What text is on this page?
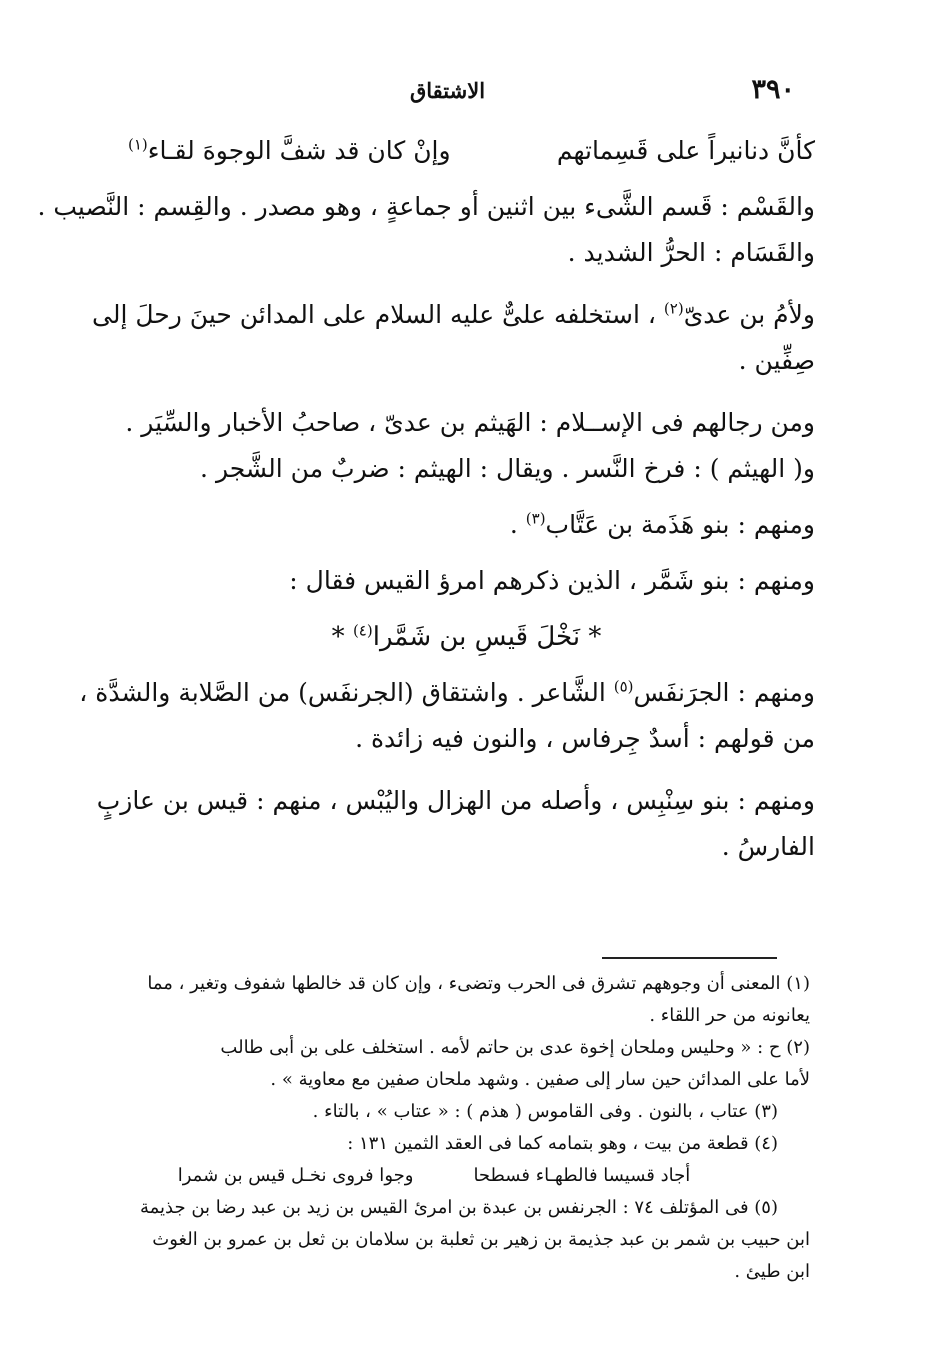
٣٩٠
الاشتقاق
كأنَّ دنانيراً على قَسِماتهم
وإنْ كان قد شفَّ الوجوهَ لقـاء$^{(١)}$
والقَسْم : قَسم الشَّىء بين اثنين أو جماعةٍ ، وهو مصدر . والقِسم : النَّصيب .
والقَسَام : الحرُّ الشديد .
ولأمُ بن عدىّ$^{(٢)}$ ، استخلفه علىٌّ عليه السلام على المدائن حينَ رحلَ إلى
صِفِّين .
ومن رجالهم فى الإســلام : الهَيثم بن عدىّ ، صاحبُ الأخبار والسِّيَر .
و( الهيثم ) : فرخ النَّسر . ويقال : الهيثم : ضربٌ من الشَّجر .
ومنهم : بنو هَذَمة بن عَتَّاب$^{(٣)}$ .
ومنهم : بنو شَمَّر ، الذين ذكرهم امرؤ القيس فقال :
* نَخْلَ قَيسِ بن شَمَّرا$^{(٤)}$ *
ومنهم : الجرَنفَس$^{(٥)}$ الشَّاعر . واشتقاق (الجرنفَس) من الصَّلابة والشدَّة ،
من قولهم : أسدٌ جِرفاس ، والنون فيه زائدة .
ومنهم : بنو سِنْبِس ، وأصله من الهزال واليُبْس ، منهم : قيس بن عازبٍ
الفارسُ .
(١) المعنى أن وجوههم تشرق فى الحرب وتضىء ، وإن كان قد خالطها شفوف وتغير ، مما
يعانونه من حر اللقاء .
(٢) ح : « وحليس وملحان إخوة عدى بن حاتم لأمه . استخلف على بن أبى طالب
لأما على المدائن حين سار إلى صفين . وشهد ملحان صفين مع معاوية » .
(٣) عتاب ، بالنون . وفى القاموس ( هذم ) : « عتاب » ، بالتاء .
(٤) قطعة من بيت ، وهو بتمامه كما فى العقد الثمين ١٣١ :
أجاد قسيسا فالطهـاء فسطحا
وجوا فروى نخـل قيس بن شمرا
(٥) فى المؤتلف ٧٤ : الجرنفس بن عبدة بن امرئ القيس بن زيد بن عبد رضا بن جذيمة
ابن حبيب بن شمر بن عبد جذيمة بن زهير بن ثعلبة بن سلامان بن ثعل بن عمرو بن الغوث
ابن طيئ .
